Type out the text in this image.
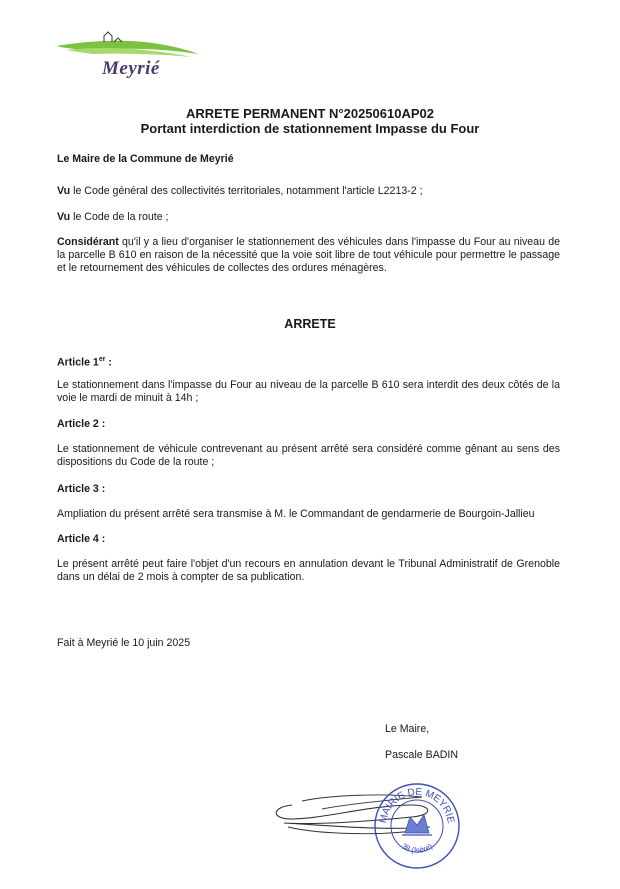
Meyrié
ARRETE PERMANENT N°20250610AP02
Portant interdiction de stationnement Impasse du Four
Le Maire de la Commune de Meyrié
Vu le Code général des collectivités territoriales, notamment l'article L2213-2 ;
Vu le Code de la route ;
Considérant qu'il y a lieu d'organiser le stationnement des véhicules dans l'impasse du Four au niveau de la parcelle B 610 en raison de la nécessité que la voie soit libre de tout véhicule pour permettre le passage et le retournement des véhicules de collectes des ordures ménagères.
ARRETE
Article 1er :
Le stationnement dans l'impasse du Four au niveau de la parcelle B 610 sera interdit des deux côtés de la voie le mardi de minuit à 14h ;
Article 2 :
Le stationnement de véhicule contrevenant au présent arrêté sera considéré comme gênant au sens des dispositions du Code de la route ;
Article 3 :
Ampliation du présent arrêté sera transmise à M. le Commandant de gendarmerie de Bourgoin-Jallieu
Article 4 :
Le présent arrêté peut faire l'objet d'un recours en annulation devant le Tribunal Administratif de Grenoble dans un délai de 2 mois à compter de sa publication.
Fait à Meyrié le 10 juin 2025
Le Maire,
Pascale BADIN
MAIRIE DE MEYRIE
38 (Isère)
